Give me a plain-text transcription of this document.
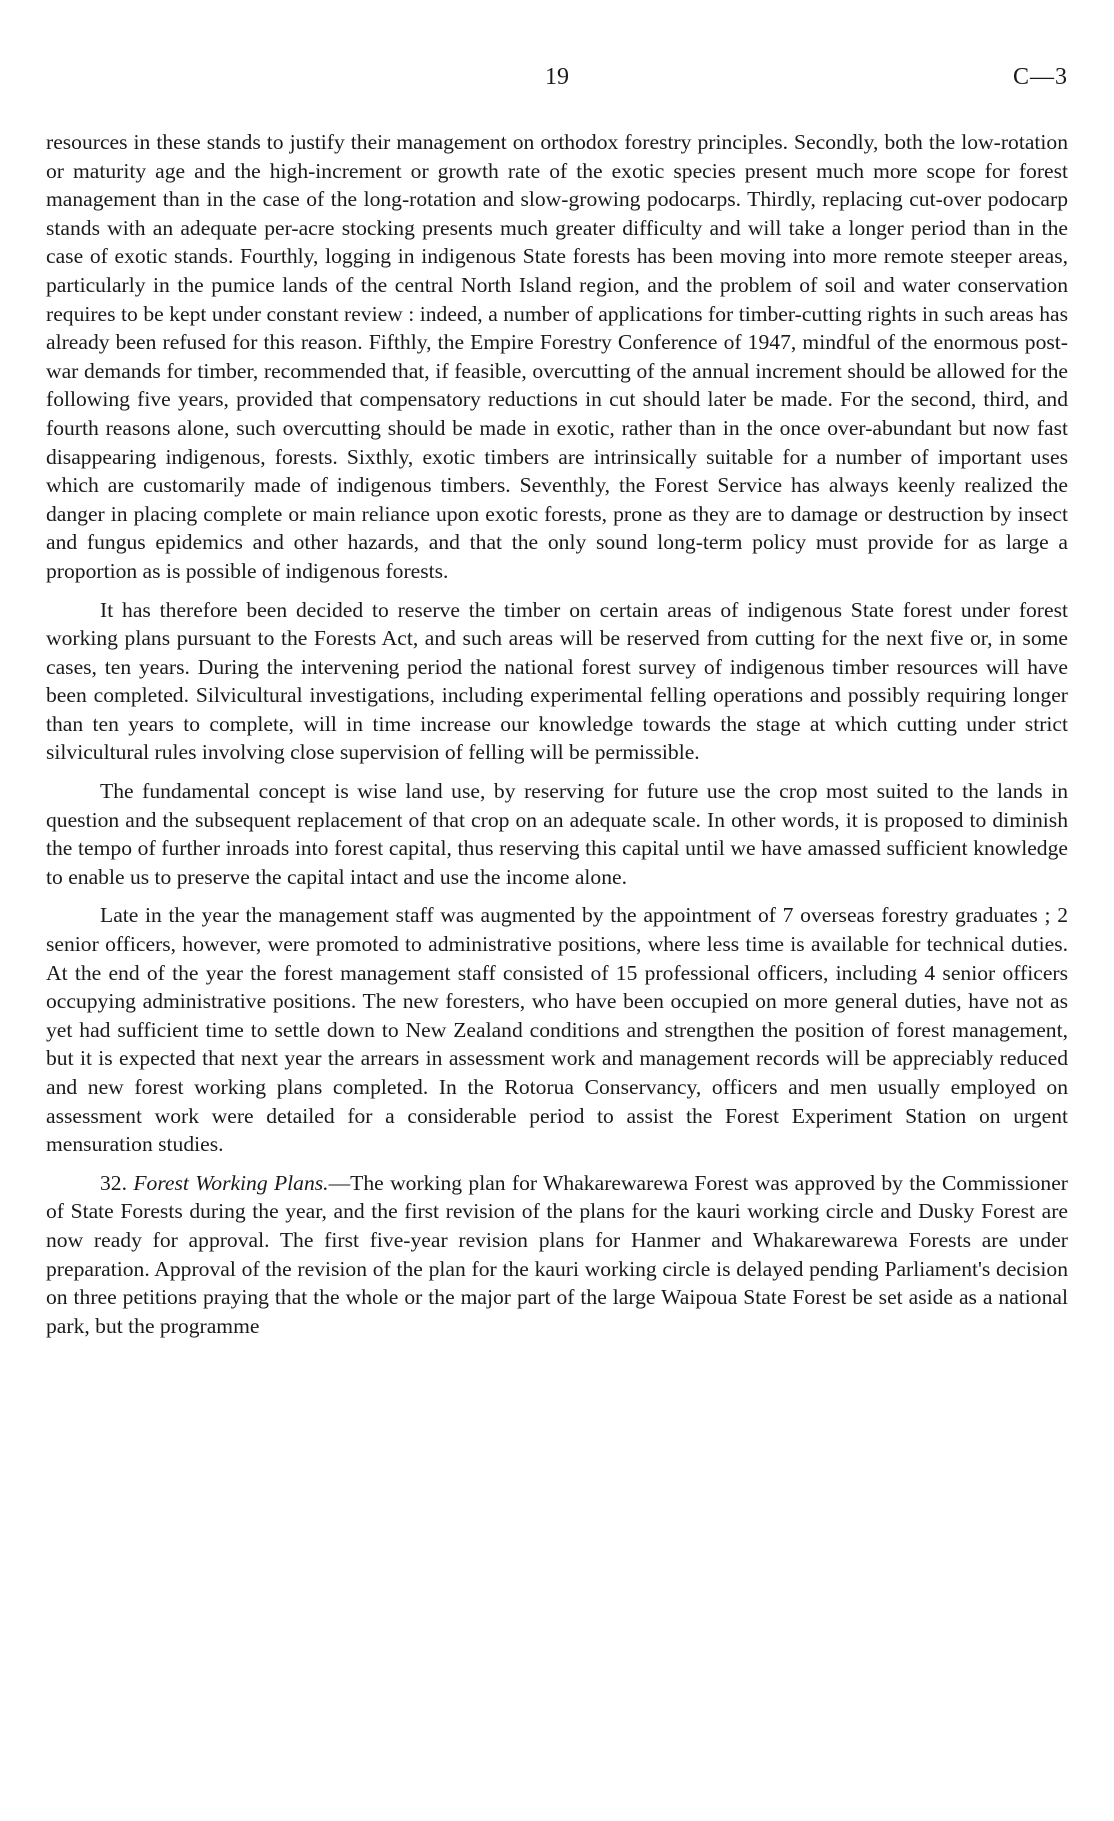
19	C—3

resources in these stands to justify their management on orthodox forestry principles. Secondly, both the low-rotation or maturity age and the high-increment or growth rate of the exotic species present much more scope for forest management than in the case of the long-rotation and slow-growing podocarps. Thirdly, replacing cut-over podocarp stands with an adequate per-acre stocking presents much greater difficulty and will take a longer period than in the case of exotic stands. Fourthly, logging in indigenous State forests has been moving into more remote steeper areas, particularly in the pumice lands of the central North Island region, and the problem of soil and water conservation requires to be kept under constant review : indeed, a number of applications for timber-cutting rights in such areas has already been refused for this reason. Fifthly, the Empire Forestry Conference of 1947, mindful of the enormous post-war demands for timber, recommended that, if feasible, overcutting of the annual increment should be allowed for the following five years, provided that compensatory reductions in cut should later be made. For the second, third, and fourth reasons alone, such overcutting should be made in exotic, rather than in the once over-abundant but now fast disappearing indigenous, forests. Sixthly, exotic timbers are intrinsically suitable for a number of important uses which are customarily made of indigenous timbers. Seventhly, the Forest Service has always keenly realized the danger in placing complete or main reliance upon exotic forests, prone as they are to damage or destruction by insect and fungus epidemics and other hazards, and that the only sound long-term policy must provide for as large a proportion as is possible of indigenous forests.

It has therefore been decided to reserve the timber on certain areas of indigenous State forest under forest working plans pursuant to the Forests Act, and such areas will be reserved from cutting for the next five or, in some cases, ten years. During the intervening period the national forest survey of indigenous timber resources will have been completed. Silvicultural investigations, including experimental felling operations and possibly requiring longer than ten years to complete, will in time increase our knowledge towards the stage at which cutting under strict silvicultural rules involving close supervision of felling will be permissible.

The fundamental concept is wise land use, by reserving for future use the crop most suited to the lands in question and the subsequent replacement of that crop on an adequate scale. In other words, it is proposed to diminish the tempo of further inroads into forest capital, thus reserving this capital until we have amassed sufficient knowledge to enable us to preserve the capital intact and use the income alone.

Late in the year the management staff was augmented by the appointment of 7 overseas forestry graduates ; 2 senior officers, however, were promoted to administrative positions, where less time is available for technical duties. At the end of the year the forest management staff consisted of 15 professional officers, including 4 senior officers occupying administrative positions. The new foresters, who have been occupied on more general duties, have not as yet had sufficient time to settle down to New Zealand conditions and strengthen the position of forest management, but it is expected that next year the arrears in assessment work and management records will be appreciably reduced and new forest working plans completed. In the Rotorua Conservancy, officers and men usually employed on assessment work were detailed for a considerable period to assist the Forest Experiment Station on urgent mensuration studies.

32. Forest Working Plans.—The working plan for Whakarewarewa Forest was approved by the Commissioner of State Forests during the year, and the first revision of the plans for the kauri working circle and Dusky Forest are now ready for approval. The first five-year revision plans for Hanmer and Whakarewarewa Forests are under preparation. Approval of the revision of the plan for the kauri working circle is delayed pending Parliament's decision on three petitions praying that the whole or the major part of the large Waipoua State Forest be set aside as a national park, but the programme
